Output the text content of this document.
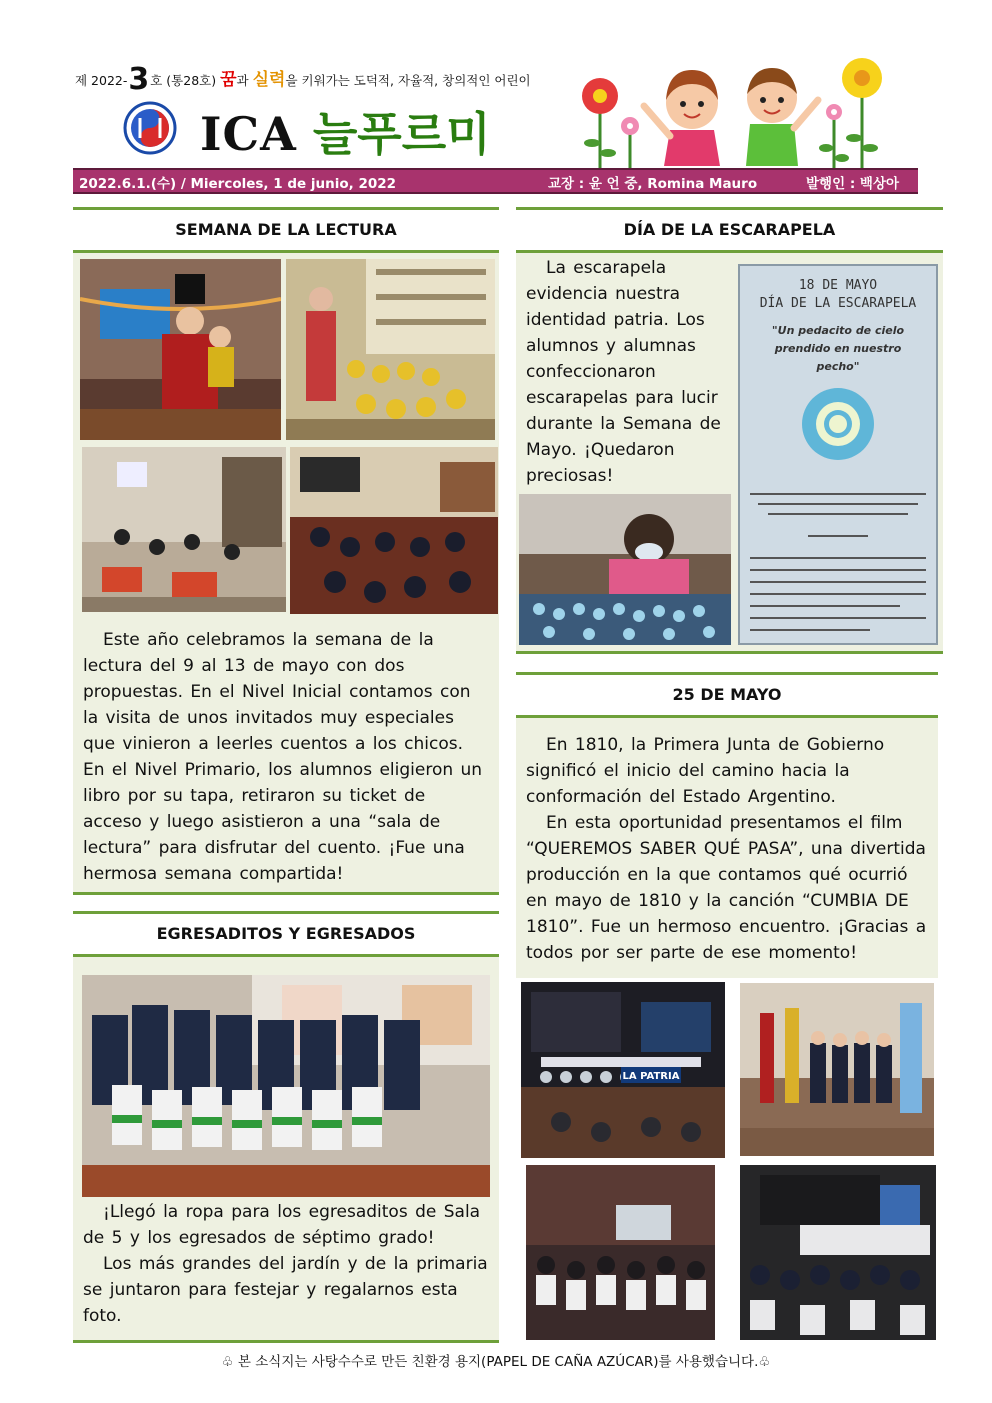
제 2022-3호 (통28호) 꿈과 실력을 키워가는 도덕적, 자율적, 창의적인 어린이
ICA 늘푸르미
2022.6.1.(수) / Miercoles, 1 de junio, 2022	교장 : 윤 언 중, Romina Mauro	발행인 : 백상아
SEMANA DE LA LECTURA

Este año celebramos la semana de la lectura del 9 al 13 de mayo con dos propuestas. En el Nivel Inicial contamos con la visita de unos invitados muy especiales que vinieron a leerles cuentos a los chicos. En el Nivel Primario, los alumnos eligieron un libro por su tapa, retiraron su ticket de acceso y luego asistieron a una “sala de lectura” para disfrutar del cuento. ¡Fue una hermosa semana compartida!

EGRESADITOS Y EGRESADOS

¡Llegó la ropa para los egresaditos de Sala de 5 y los egresados de séptimo grado!

Los más grandes del jardín y de la primaria se juntaron para festejar y regalarnos esta foto.

DÍA DE LA ESCARAPELA

La escarapela evidencia nuestra identidad patria. Los alumnos y alumnas confeccionaron escarapelas para lucir durante la Semana de Mayo. ¡Quedaron preciosas!

18 DE MAYO
DÍA DE LA ESCARAPELA
"Un pedacito de cielo prendido en nuestro pecho"
25 DE MAYO

En 1810, la Primera Junta de Gobierno significó el inicio del camino hacia la conformación del Estado Argentino.

En esta oportunidad presentamos el film “QUEREMOS SABER QUÉ PASA”, una divertida producción en la que contamos qué ocurrió en mayo de 1810 y la canción “CUMBIA DE 1810”. Fue un hermoso encuentro. ¡Gracias a todos por ser parte de ese momento!

LA PATRIA
♧ 본 소식지는 사탕수수로 만든 친환경 용지(PAPEL DE CAÑA AZÚCAR)를 사용했습니다.♧
